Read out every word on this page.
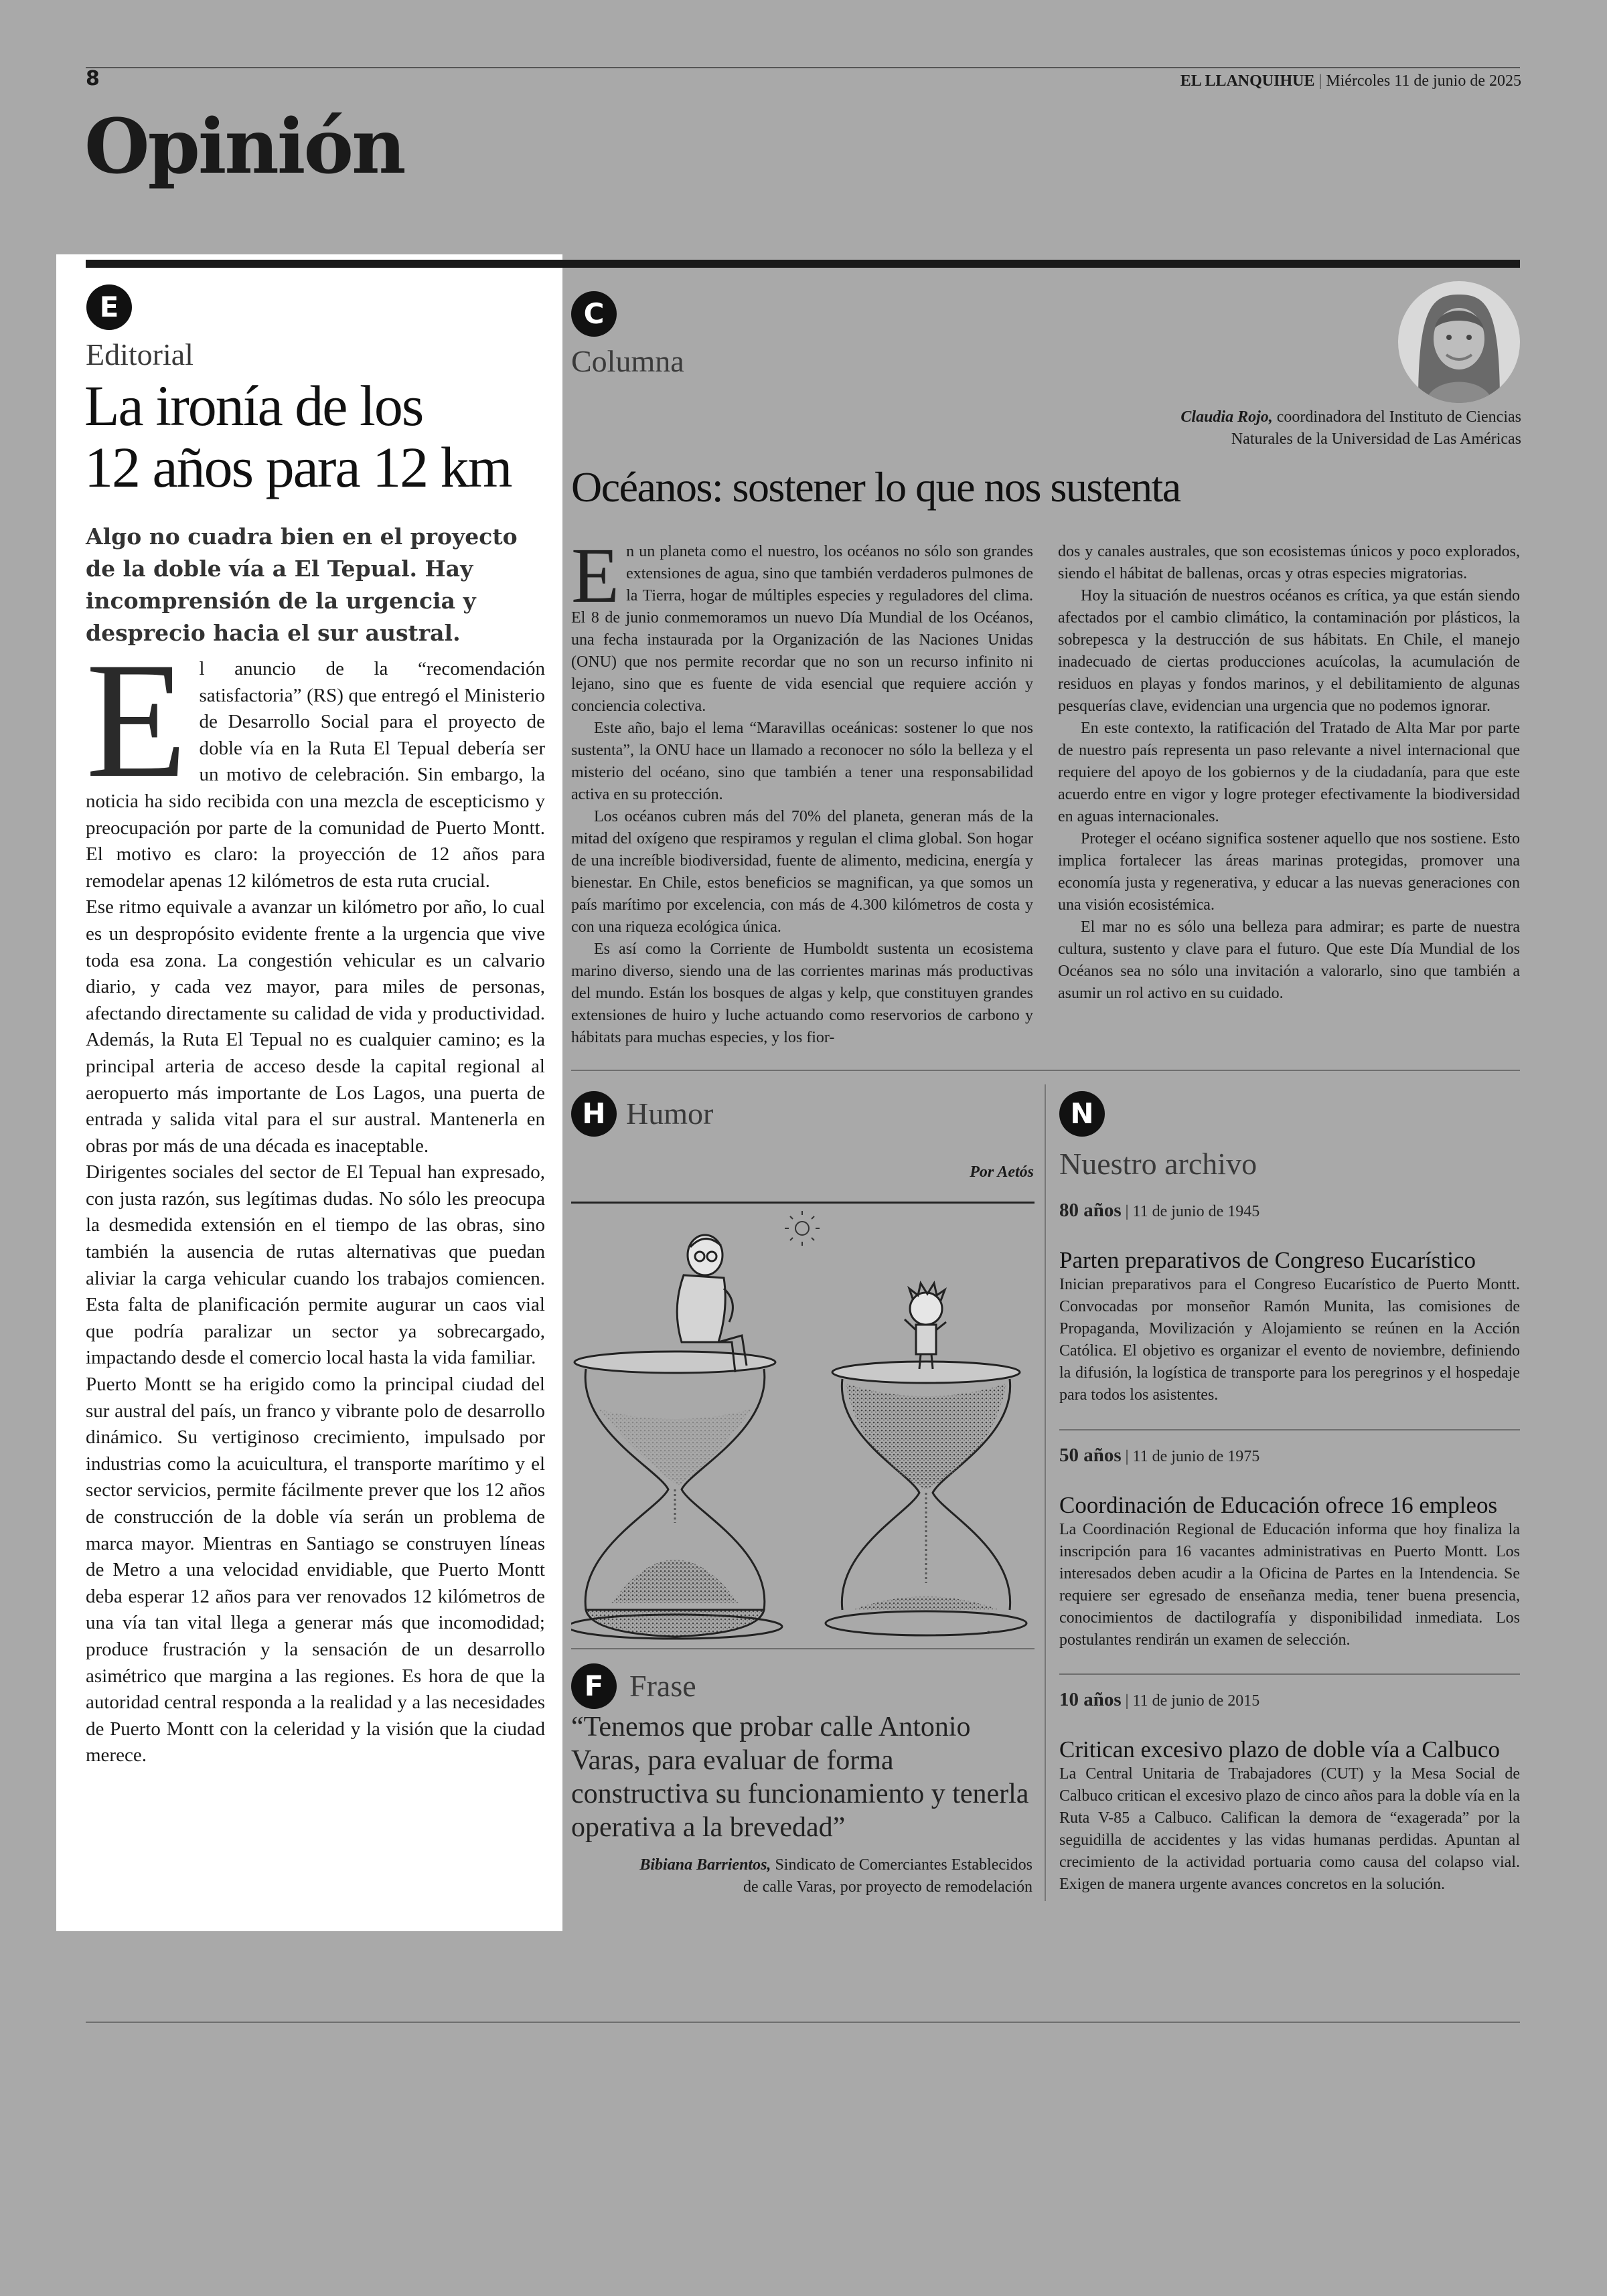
8	EL LLANQUIHUE | Miércoles 11 de junio de 2025
Opinión
E
Editorial
La ironía de los
12 años para 12 km
Algo no cuadra bien en el proyecto de la doble vía a El Tepual. Hay incomprensión de la urgencia y desprecio hacia el sur austral.
E l anuncio de la “recomendación satisfactoria” (RS) que entregó el Ministerio de Desarrollo Social para el proyecto de doble vía en la Ruta El Tepual debería ser un motivo de celebración. Sin embargo, la noticia ha sido recibida con una mezcla de escepticismo y preocupación por parte de la comunidad de Puerto Montt. El motivo es claro: la proyección de 12 años para remodelar apenas 12 kilómetros de esta ruta crucial.

Ese ritmo equivale a avanzar un kilómetro por año, lo cual es un despropósito evidente frente a la urgencia que vive toda esa zona. La congestión vehicular es un calvario diario, y cada vez mayor, para miles de personas, afectando directamente su calidad de vida y productividad. Además, la Ruta El Tepual no es cualquier camino; es la principal arteria de acceso desde la capital regional al aeropuerto más importante de Los Lagos, una puerta de entrada y salida vital para el sur austral. Mantenerla en obras por más de una década es inaceptable.

Dirigentes sociales del sector de El Tepual han expresado, con justa razón, sus legítimas dudas. No sólo les preocupa la desmedida extensión en el tiempo de las obras, sino también la ausencia de rutas alternativas que puedan aliviar la carga vehicular cuando los trabajos comiencen. Esta falta de planificación permite augurar un caos vial que podría paralizar un sector ya sobrecargado, impactando desde el comercio local hasta la vida familiar.

Puerto Montt se ha erigido como la principal ciudad del sur austral del país, un franco y vibrante polo de desarrollo dinámico. Su vertiginoso crecimiento, impulsado por industrias como la acuicultura, el transporte marítimo y el sector servicios, permite fácilmente prever que los 12 años de construcción de la doble vía serán un problema de marca mayor. Mientras en Santiago se construyen líneas de Metro a una velocidad envidiable, que Puerto Montt deba esperar 12 años para ver renovados 12 kilómetros de una vía tan vital llega a generar más que incomodidad; produce frustración y la sensación de un desarrollo asimétrico que margina a las regiones. Es hora de que la autoridad central responda a la realidad y a las necesidades de Puerto Montt con la celeridad y la visión que la ciudad merece.

C
Columna
Claudia Rojo, coordinadora del Instituto de Ciencias
Naturales de la Universidad de Las Américas
Océanos: sostener lo que nos sustenta
E n un planeta como el nuestro, los océanos no sólo son grandes extensiones de agua, sino que también verdaderos pulmones de la Tierra, hogar de múltiples especies y reguladores del clima. El 8 de junio conmemoramos un nuevo Día Mundial de los Océanos, una fecha instaurada por la Organización de las Naciones Unidas (ONU) que nos permite recordar que no son un recurso infinito ni lejano, sino que es fuente de vida esencial que requiere acción y conciencia colectiva.

Este año, bajo el lema “Maravillas oceánicas: sostener lo que nos sustenta”, la ONU hace un llamado a reconocer no sólo la belleza y el misterio del océano, sino que también a tener una responsabilidad activa en su protección.

Los océanos cubren más del 70% del planeta, generan más de la mitad del oxígeno que respiramos y regulan el clima global. Son hogar de una increíble biodiversidad, fuente de alimento, medicina, energía y bienestar. En Chile, estos beneficios se magnifican, ya que somos un país marítimo por excelencia, con más de 4.300 kilómetros de costa y con una riqueza ecológica única.

Es así como la Corriente de Humboldt sustenta un ecosistema marino diverso, siendo una de las corrientes marinas más productivas del mundo. Están los bosques de algas y kelp, que constituyen grandes extensiones de huiro y luche actuando como reservorios de carbono y hábitats para muchas especies, y los fior-

dos y canales australes, que son ecosistemas únicos y poco explorados, siendo el hábitat de ballenas, orcas y otras especies migratorias.

Hoy la situación de nuestros océanos es crítica, ya que están siendo afectados por el cambio climático, la contaminación por plásticos, la sobrepesca y la destrucción de sus hábitats. En Chile, el manejo inadecuado de ciertas producciones acuícolas, la acumulación de residuos en playas y fondos marinos, y el debilitamiento de algunas pesquerías clave, evidencian una urgencia que no podemos ignorar.

En este contexto, la ratificación del Tratado de Alta Mar por parte de nuestro país representa un paso relevante a nivel internacional que requiere del apoyo de los gobiernos y de la ciudadanía, para que este acuerdo entre en vigor y logre proteger efectivamente la biodiversidad en aguas internacionales.

Proteger el océano significa sostener aquello que nos sostiene. Esto implica fortalecer las áreas marinas protegidas, promover una economía justa y regenerativa, y educar a las nuevas generaciones con una visión ecosistémica.

El mar no es sólo una belleza para admirar; es parte de nuestra cultura, sustento y clave para el futuro. Que este Día Mundial de los Océanos sea no sólo una invitación a valorarlo, sino que también a asumir un rol activo en su cuidado.

H Humor
Por Aetós
~
F Frase
“Tenemos que probar calle Antonio Varas, para evaluar de forma constructiva su funcionamiento y tenerla operativa a la brevedad”
Bibiana Barrientos, Sindicato de Comerciantes Establecidos
de calle Varas, por proyecto de remodelación
N
Nuestro archivo
80 años | 11 de junio de 1945
Parten preparativos de Congreso Eucarístico
Inician preparativos para el Congreso Eucarístico de Puerto Montt. Convocadas por monseñor Ramón Munita, las comisiones de Propaganda, Movilización y Alojamiento se reúnen en la Acción Católica. El objetivo es organizar el evento de noviembre, definiendo la difusión, la logística de transporte para los peregrinos y el hospedaje para todos los asistentes.
50 años | 11 de junio de 1975
Coordinación de Educación ofrece 16 empleos
La Coordinación Regional de Educación informa que hoy finaliza la inscripción para 16 vacantes administrativas en Puerto Montt. Los interesados deben acudir a la Oficina de Partes en la Intendencia. Se requiere ser egresado de enseñanza media, tener buena presencia, conocimientos de dactilografía y disponibilidad inmediata. Los postulantes rendirán un examen de selección.
10 años | 11 de junio de 2015
Critican excesivo plazo de doble vía a Calbuco
La Central Unitaria de Trabajadores (CUT) y la Mesa Social de Calbuco critican el excesivo plazo de cinco años para la doble vía en la Ruta V-85 a Calbuco. Califican la demora de “exagerada” por la seguidilla de accidentes y las vidas humanas perdidas. Apuntan al crecimiento de la actividad portuaria como causa del colapso vial. Exigen de manera urgente avances concretos en la solución.
